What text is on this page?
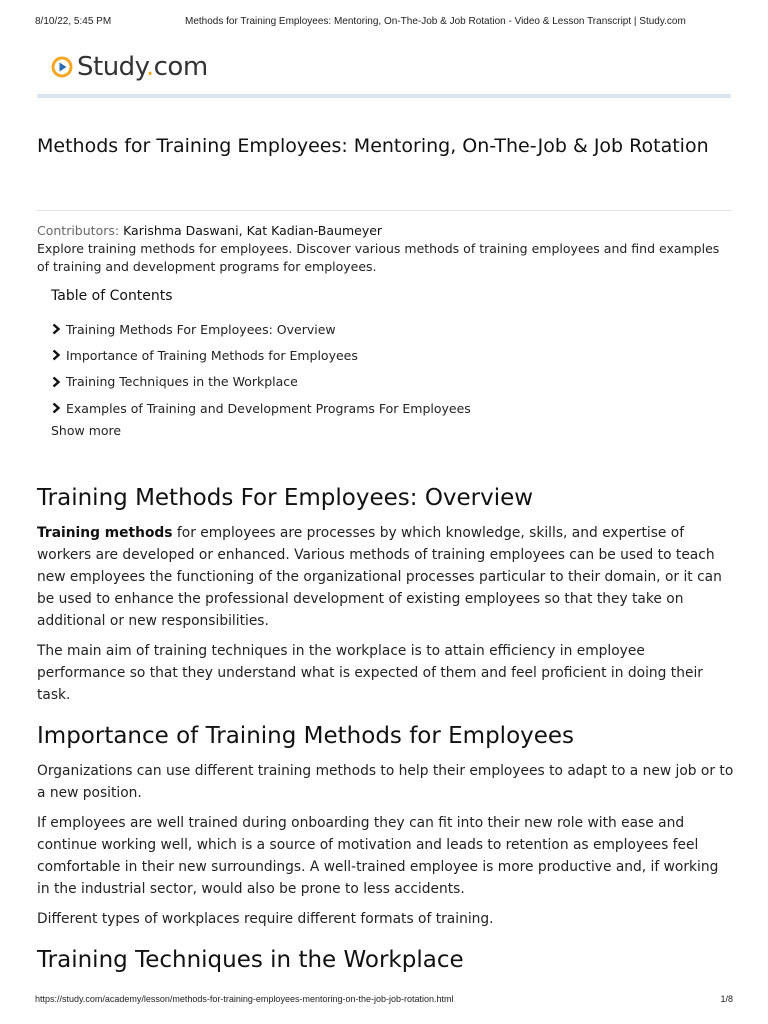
8/10/22, 5:45 PM	Methods for Training Employees: Mentoring, On-The-Job & Job Rotation - Video & Lesson Transcript | Study.com
Study.com
Methods for Training Employees: Mentoring, On-The-Job & Job Rotation
Contributors: Karishma Daswani, Kat Kadian-Baumeyer

Explore training methods for employees. Discover various methods of training employees and find examples of training and development programs for employees.

Table of Contents
Training Methods For Employees: Overview
Importance of Training Methods for Employees
Training Techniques in the Workplace
Examples of Training and Development Programs For Employees
Show more
Training Methods For Employees: Overview

Training methods for employees are processes by which knowledge, skills, and expertise of workers are developed or enhanced. Various methods of training employees can be used to teach new employees the functioning of the organizational processes particular to their domain, or it can be used to enhance the professional development of existing employees so that they take on additional or new responsibilities.

The main aim of training techniques in the workplace is to attain efficiency in employee performance so that they understand what is expected of them and feel proficient in doing their task.

Importance of Training Methods for Employees

Organizations can use different training methods to help their employees to adapt to a new job or to a new position.

If employees are well trained during onboarding they can fit into their new role with ease and continue working well, which is a source of motivation and leads to retention as employees feel comfortable in their new surroundings. A well-trained employee is more productive and, if working in the industrial sector, would also be prone to less accidents.

Different types of workplaces require different formats of training.

Training Techniques in the Workplace
https://study.com/academy/lesson/methods-for-training-employees-mentoring-on-the-job-job-rotation.html	1/8
